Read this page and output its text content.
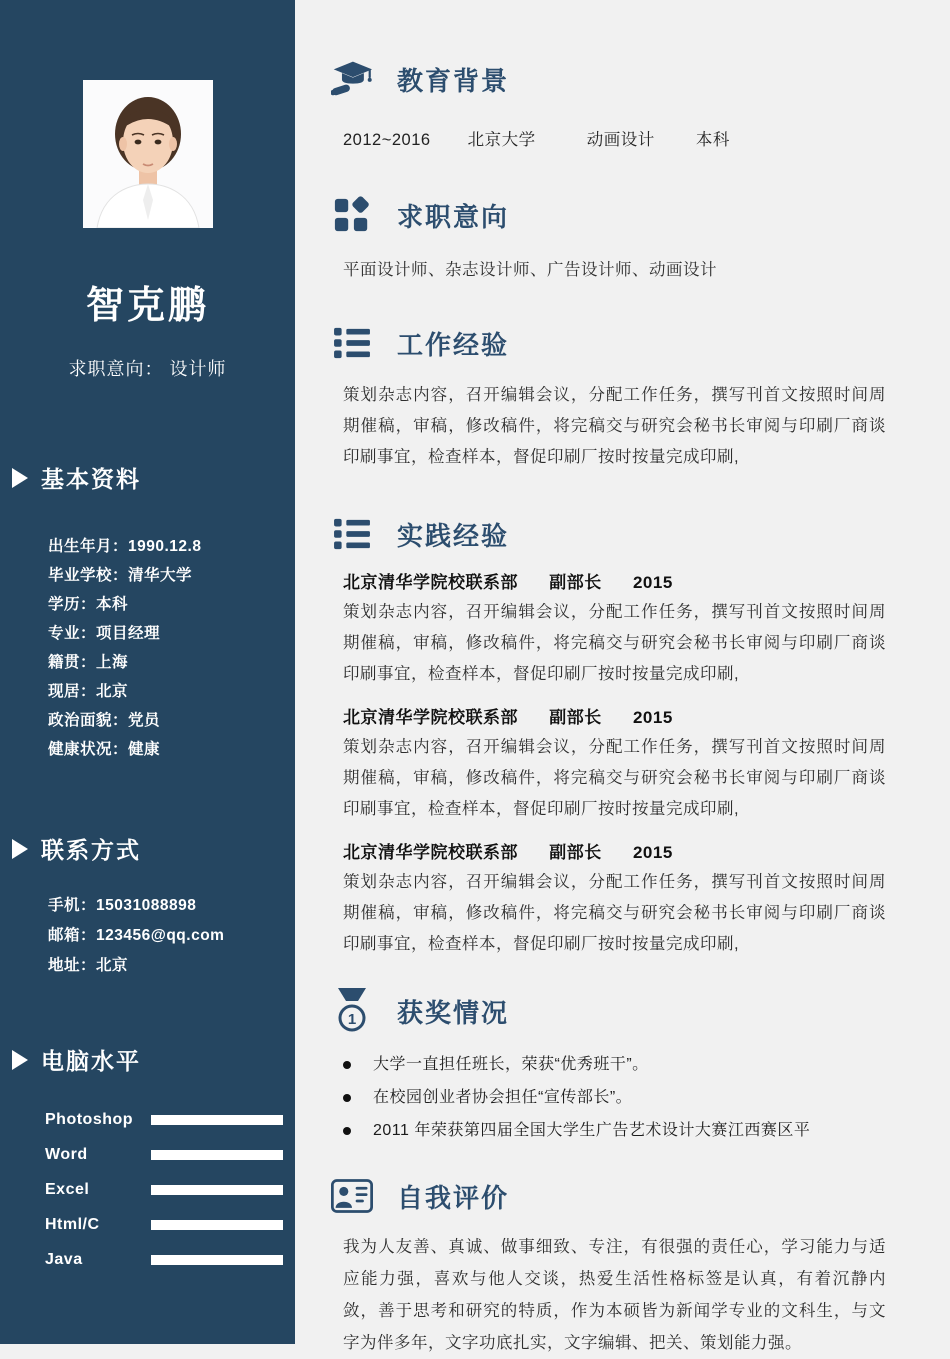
智克鹏
求职意向： 设计师
基本资料
出生年月：1990.12.8
毕业学校：清华大学
学历：本科
专业：项目经理
籍贯：上海
现居：北京
政治面貌：党员
健康状况：健康
联系方式
手机：15031088898
邮箱：123456@qq.com
地址：北京
电脑水平
Photoshop
Word
Excel
Html/C
Java
教育背景
2012~2016 北京大学	动画设计 本科
求职意向

平面设计师、杂志设计师、广告设计师、动画设计

工作经验

策划杂志内容，召开编辑会议，分配工作任务，撰写刊首文按照时间周期催稿，审稿，修改稿件，将完稿交与研究会秘书长审阅与印刷厂商谈印刷事宜，检查样本，督促印刷厂按时按量完成印刷,

实践经验
北京清华学院校联系部 副部长 2015

策划杂志内容，召开编辑会议，分配工作任务，撰写刊首文按照时间周期催稿，审稿，修改稿件，将完稿交与研究会秘书长审阅与印刷厂商谈印刷事宜，检查样本，督促印刷厂按时按量完成印刷,

北京清华学院校联系部 副部长 2015

策划杂志内容，召开编辑会议，分配工作任务，撰写刊首文按照时间周期催稿，审稿，修改稿件，将完稿交与研究会秘书长审阅与印刷厂商谈印刷事宜，检查样本，督促印刷厂按时按量完成印刷,

北京清华学院校联系部 副部长 2015

策划杂志内容，召开编辑会议，分配工作任务，撰写刊首文按照时间周期催稿，审稿，修改稿件，将完稿交与研究会秘书长审阅与印刷厂商谈印刷事宜，检查样本，督促印刷厂按时按量完成印刷,

1 获奖情况
大学一直担任班长，荣获“优秀班干”。
在校园创业者协会担任“宣传部长”。
2011 年荣获第四届全国大学生广告艺术设计大赛江西赛区平
自我评价

我为人友善、真诚、做事细致、专注，有很强的责任心，学习能力与适应能力强，喜欢与他人交谈，热爱生活性格标签是认真，有着沉静内敛，善于思考和研究的特质，作为本硕皆为新闻学专业的文科生，与文字为伴多年，文字功底扎实，文字编辑、把关、策划能力强。
